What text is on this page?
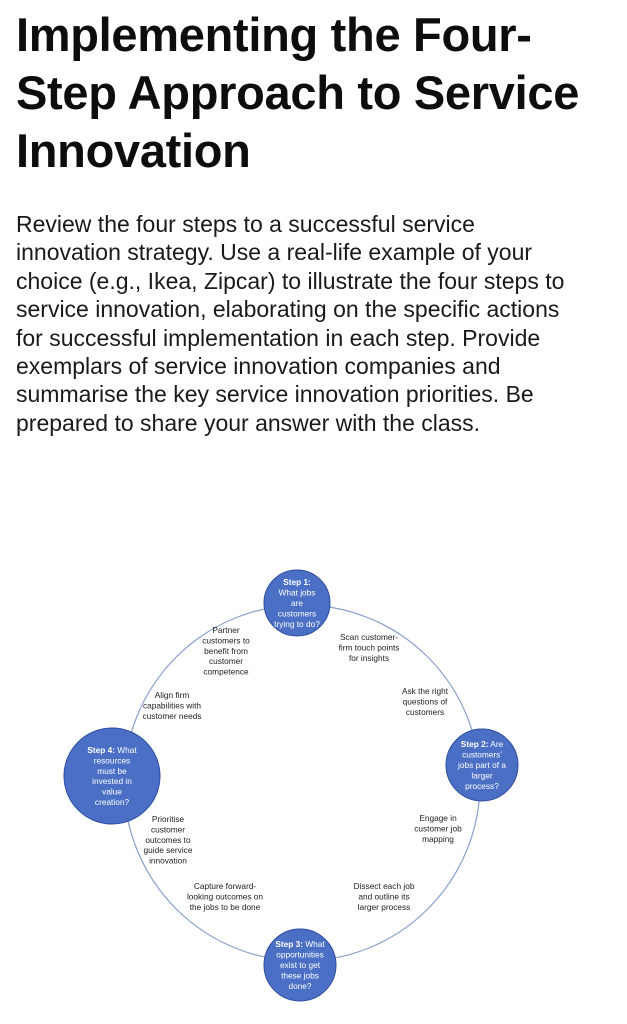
Implementing the Four-
Step Approach to Service
Innovation

Review the four steps to a successful service
innovation strategy. Use a real-life example of your
choice (e.g., Ikea, Zipcar) to illustrate the four steps to
service innovation, elaborating on the specific actions
for successful implementation in each step. Provide
exemplars of service innovation companies and
summarise the key service innovation priorities. Be
prepared to share your answer with the class.

Step 1: What jobs are customers trying to do?
Step 2: Are customers' jobs part of a larger process?
Step 3: What opportunities exist to get these jobs done?
Step 4: What resources must be invested in value creation?
Scan customer-firm touch points for insights
Ask the right questions of customers
Engage in customer job mapping
Dissect each job and outline its larger process
Capture forward-looking outcomes on the jobs to be done
Prioritise customer outcomes to guide service innovation
Align firm capabilities with customer needs
Partner customers to benefit from customer competence
